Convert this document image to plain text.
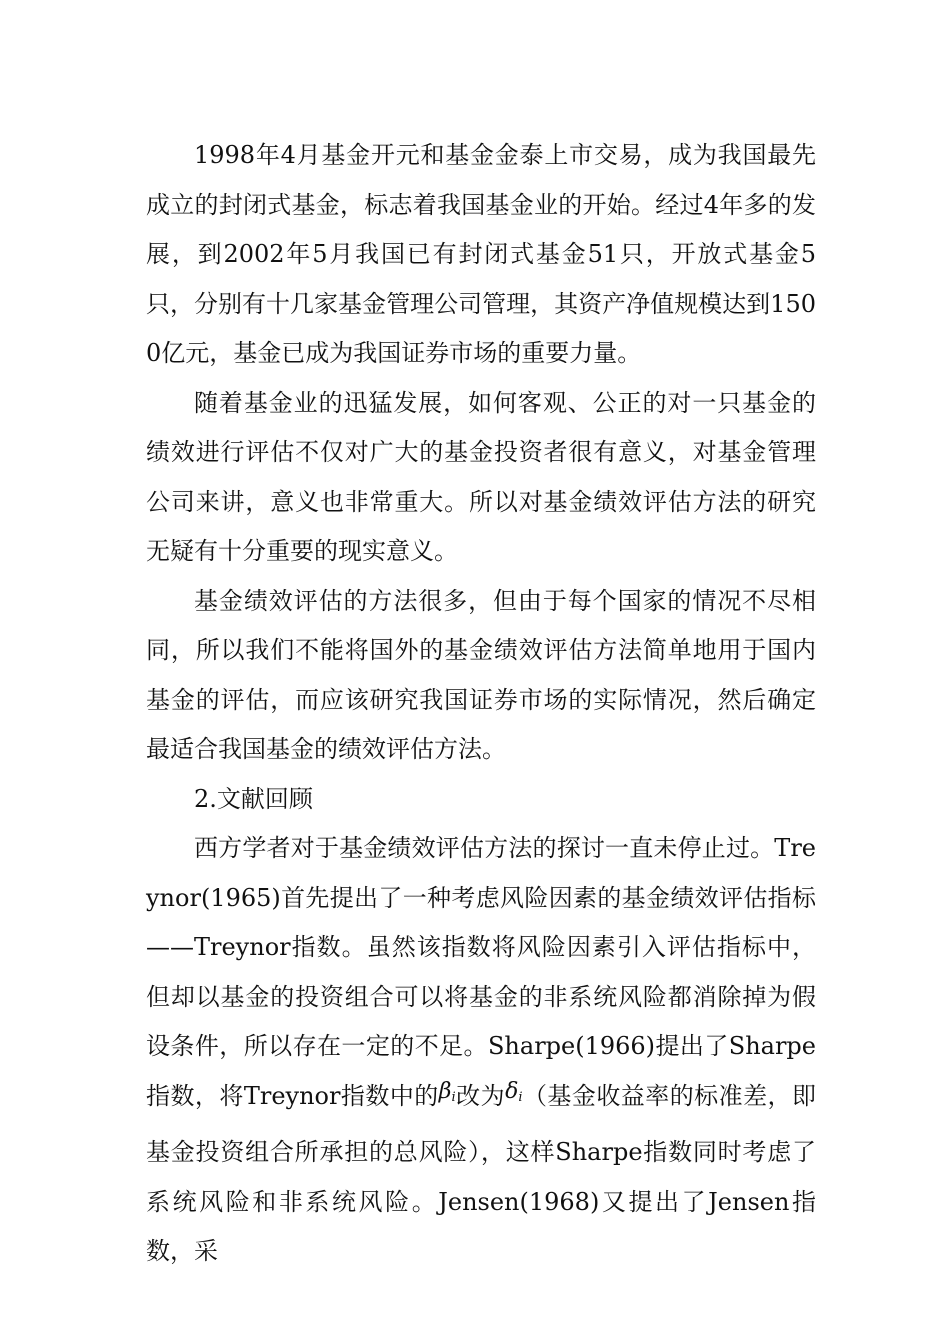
1998年4月基金开元和基金金泰上市交易，成为我国最先成立的封闭式基金，标志着我国基金业的开始。经过4年多的发展，到2002年5月我国已有封闭式基金51只，开放式基金5只，分别有十几家基金管理公司管理，其资产净值规模达到1500亿元，基金已成为我国证券市场的重要力量。

随着基金业的迅猛发展，如何客观、公正的对一只基金的绩效进行评估不仅对广大的基金投资者很有意义，对基金管理公司来讲，意义也非常重大。所以对基金绩效评估方法的研究无疑有十分重要的现实意义。

基金绩效评估的方法很多，但由于每个国家的情况不尽相同，所以我们不能将国外的基金绩效评估方法简单地用于国内基金的评估，而应该研究我国证券市场的实际情况，然后确定最适合我国基金的绩效评估方法。

2.文献回顾

西方学者对于基金绩效评估方法的探讨一直未停止过。Treynor(1965)首先提出了一种考虑风险因素的基金绩效评估指标——Treynor指数。虽然该指数将风险因素引入评估指标中，但却以基金的投资组合可以将基金的非系统风险都消除掉为假设条件，所以存在一定的不足。Sharpe(1966)提出了Sharpe指数，将Treynor指数中的$\beta_i$改为$\delta_i$（基金收益率的标准差，即基金投资组合所承担的总风险），这样Sharpe指数同时考虑了系统风险和非系统风险。Jensen(1968)又提出了Jensen指数，采
